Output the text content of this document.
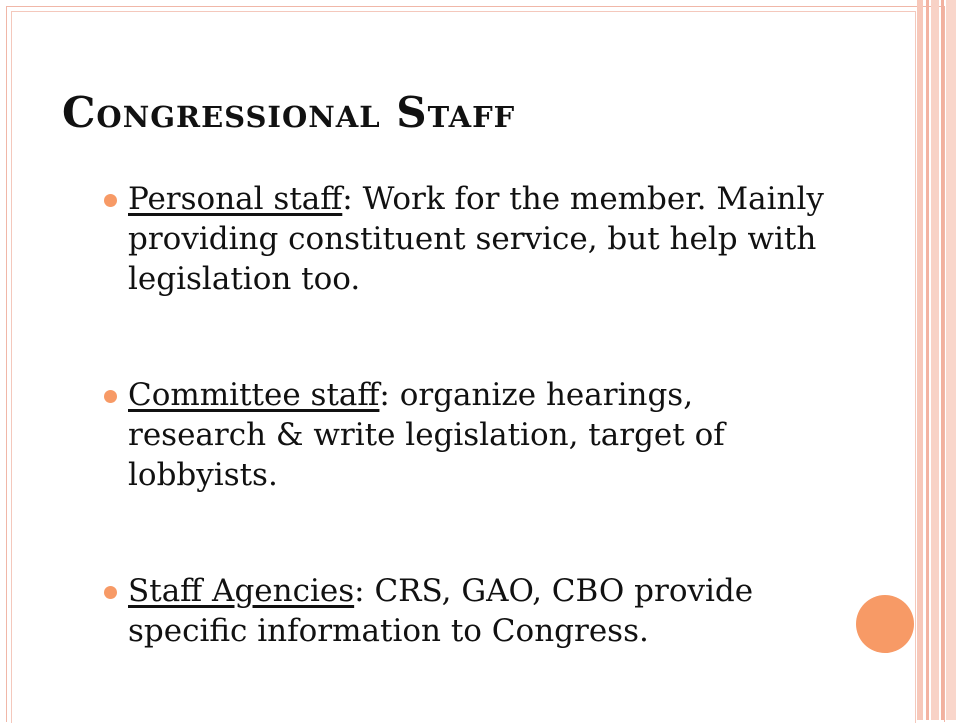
Congressional Staff
Personal staff: Work for the member. Mainly providing constituent service, but help with legislation too.
Committee staff: organize hearings, research & write legislation, target of lobbyists.
Staff Agencies: CRS, GAO, CBO provide specific information to Congress.
